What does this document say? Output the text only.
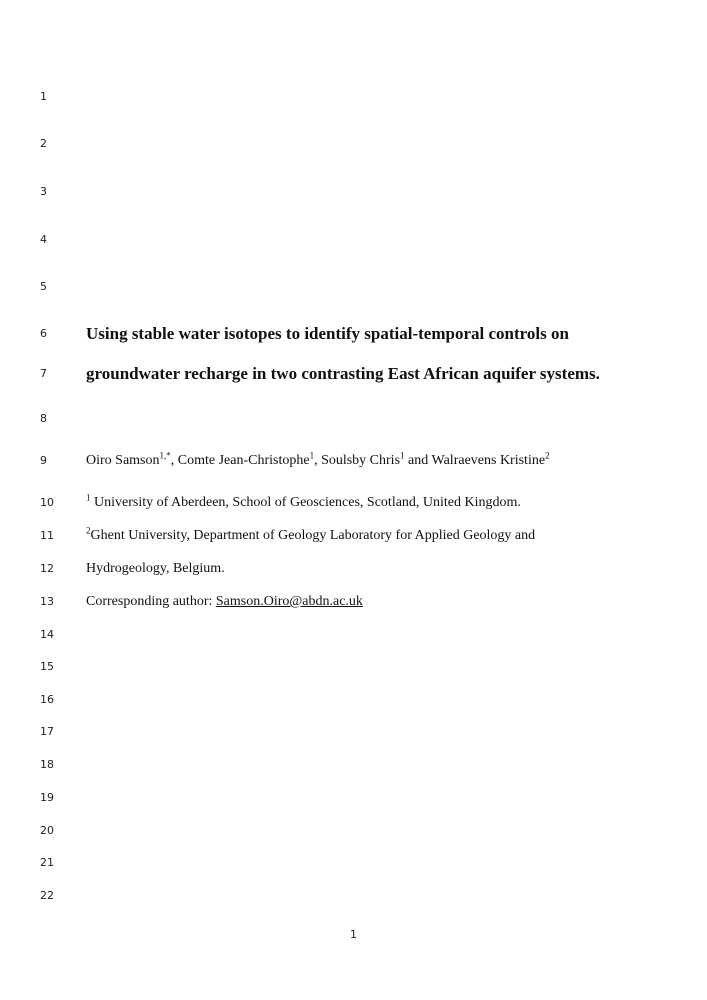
1
2
3
4
5
6
7
8
9
10
11
12
13
14
15
16
17
18
19
20
21
22
Using stable water isotopes to identify spatial-temporal controls on
groundwater recharge in two contrasting East African aquifer systems.
Oiro Samson$^{1,*}$, Comte Jean-Christophe$^1$, Soulsby Chris$^1$ and Walraevens Kristine$^2$
$^1$ University of Aberdeen, School of Geosciences, Scotland, United Kingdom.
$^2$Ghent University, Department of Geology Laboratory for Applied Geology and
Hydrogeology, Belgium.
Corresponding author: Samson.Oiro@abdn.ac.uk
1
